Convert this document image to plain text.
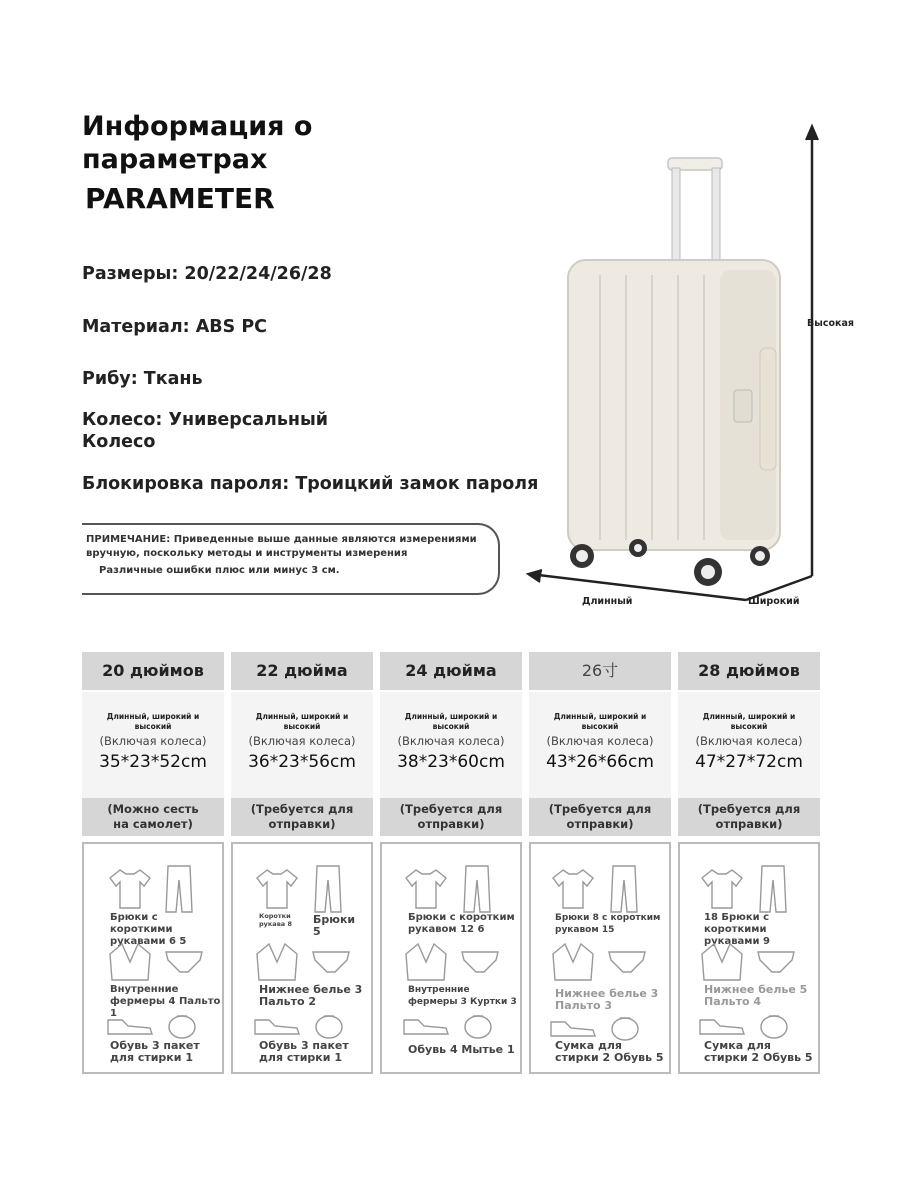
Информация о
параметрах
PARAMETER
Размеры: 20/22/24/26/28
Материал: ABS PC
Рибу: Ткань
Колесо: Универсальный
Колесо
Блокировка пароля: Троицкий замок пароля
ПРИМЕЧАНИЕ: Приведенные выше данные являются измерениями вручную, поскольку методы и инструменты измерения
Различные ошибки плюс или минус 3 см.
Высокая
Длинный	Широкий
20 дюймов
Длинный, широкий и высокий
(Включая колеса)
35*23*52cm
(Можно сесть
на самолет)
Брюки с короткими рукавами 6 5
Внутренние фермеры 4 Пальто 1
Обувь 3 пакет для стирки 1
22 дюйма
Длинный, широкий и высокий
(Включая колеса)
36*23*56cm
(Требуется для
отправки)
Коротки рукава 8	Брюки 5
Нижнее белье 3 Пальто 2
Обувь 3 пакет для стирки 1
24 дюйма
Длинный, широкий и высокий
(Включая колеса)
38*23*60cm
(Требуется для
отправки)
Брюки с коротким рукавом 12 6
Внутренние фермеры 3 Куртки 3
Обувь 4 Мытье 1
26寸
Длинный, широкий и высокий
(Включая колеса)
43*26*66cm
(Требуется для
отправки)
Брюки 8 с коротким рукавом 15
Нижнее белье 3 Пальто 3
Сумка для стирки 2 Обувь 5
28 дюймов
Длинный, широкий и высокий
(Включая колеса)
47*27*72cm
(Требуется для
отправки)
18 Брюки с короткими рукавами 9
Нижнее белье 5 Пальто 4
Сумка для стирки 2 Обувь 5
